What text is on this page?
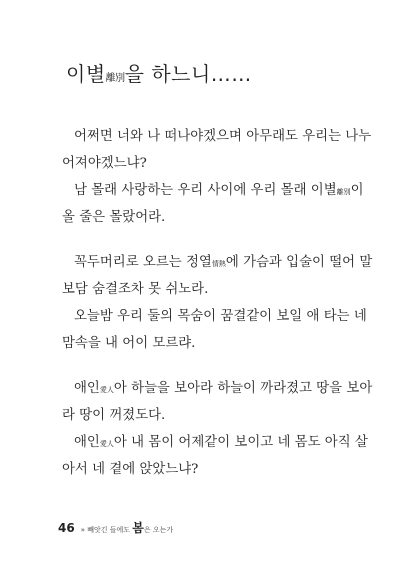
이별離別을 하느니……
어쩌면 너와 나 떠나야겠으며 아무래도 우리는 나누
어져야겠느냐?
남 몰래 사랑하는 우리 사이에 우리 몰래 이별離別이
올 줄은 몰랐어라.
꼭두머리로 오르는 정열情熱에 가슴과 입술이 떨어 말
보담 숨결조차 못 쉬노라.
오늘밤 우리 둘의 목숨이 꿈결같이 보일 애 타는 네
맘속을 내 어이 모르랴.
애인愛人아 하늘을 보아라 하늘이 까라졌고 땅을 보아
라 땅이 꺼졌도다.
애인愛人아 내 몸이 어제같이 보이고 네 몸도 아직 살
아서 네 곁에 앉았느냐?
46 » 빼앗긴 들에도 봄은 오는가
